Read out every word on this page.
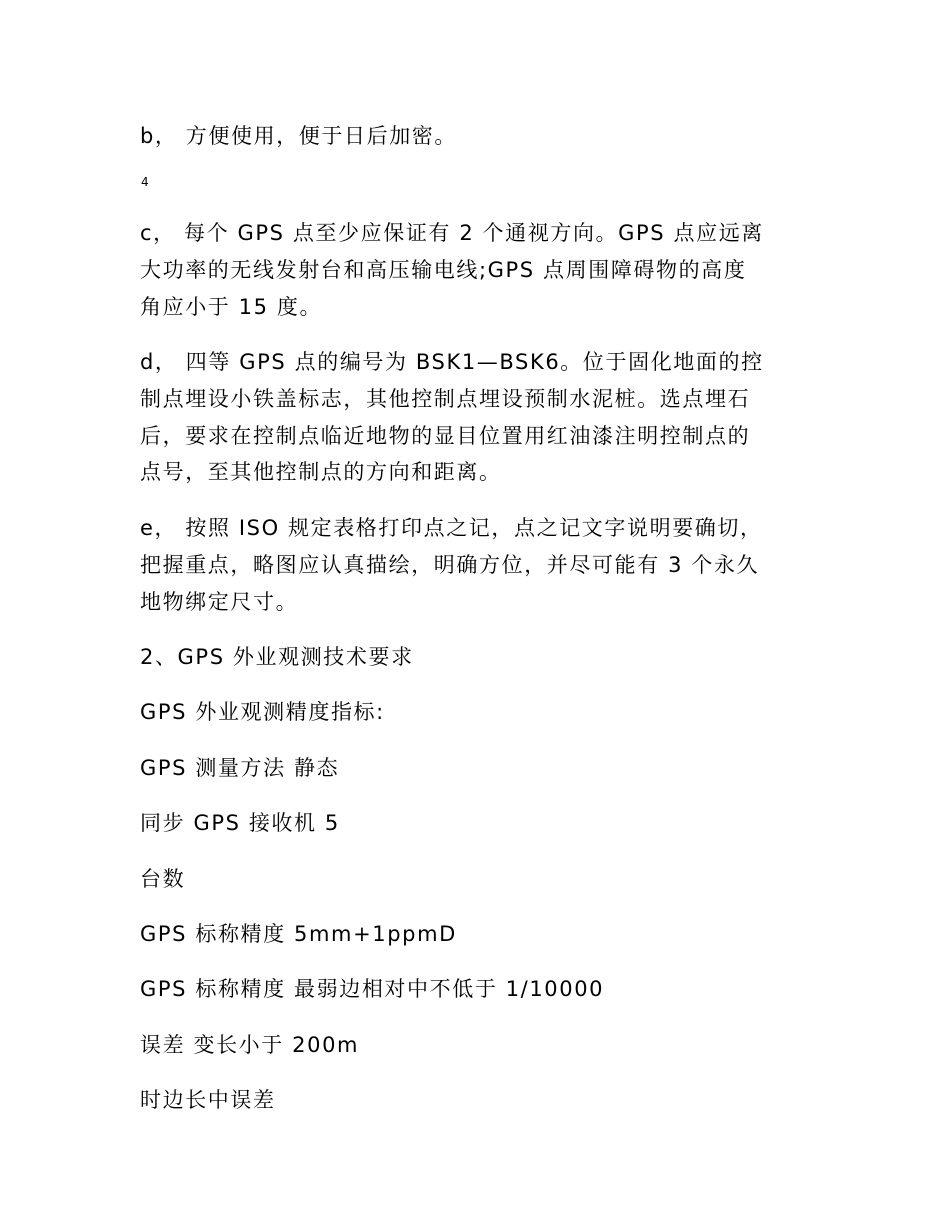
b， 方便使用，便于日后加密。

4

c， 每个 GPS 点至少应保证有 2 个通视方向。GPS 点应远离

大功率的无线发射台和高压输电线;GPS 点周围障碍物的高度

角应小于 15 度。

d， 四等 GPS 点的编号为 BSK1—BSK6。位于固化地面的控

制点埋设小铁盖标志，其他控制点埋设预制水泥桩。选点埋石

后，要求在控制点临近地物的显目位置用红油漆注明控制点的

点号，至其他控制点的方向和距离。

e， 按照 ISO 规定表格打印点之记，点之记文字说明要确切，

把握重点，略图应认真描绘，明确方位，并尽可能有 3 个永久

地物绑定尺寸。

2、GPS 外业观测技术要求

GPS 外业观测精度指标:

GPS 测量方法 静态

同步 GPS 接收机 5

台数

GPS 标称精度 5mm+1ppmD

GPS 标称精度 最弱边相对中不低于 1/10000

误差 变长小于 200m

时边长中误差
